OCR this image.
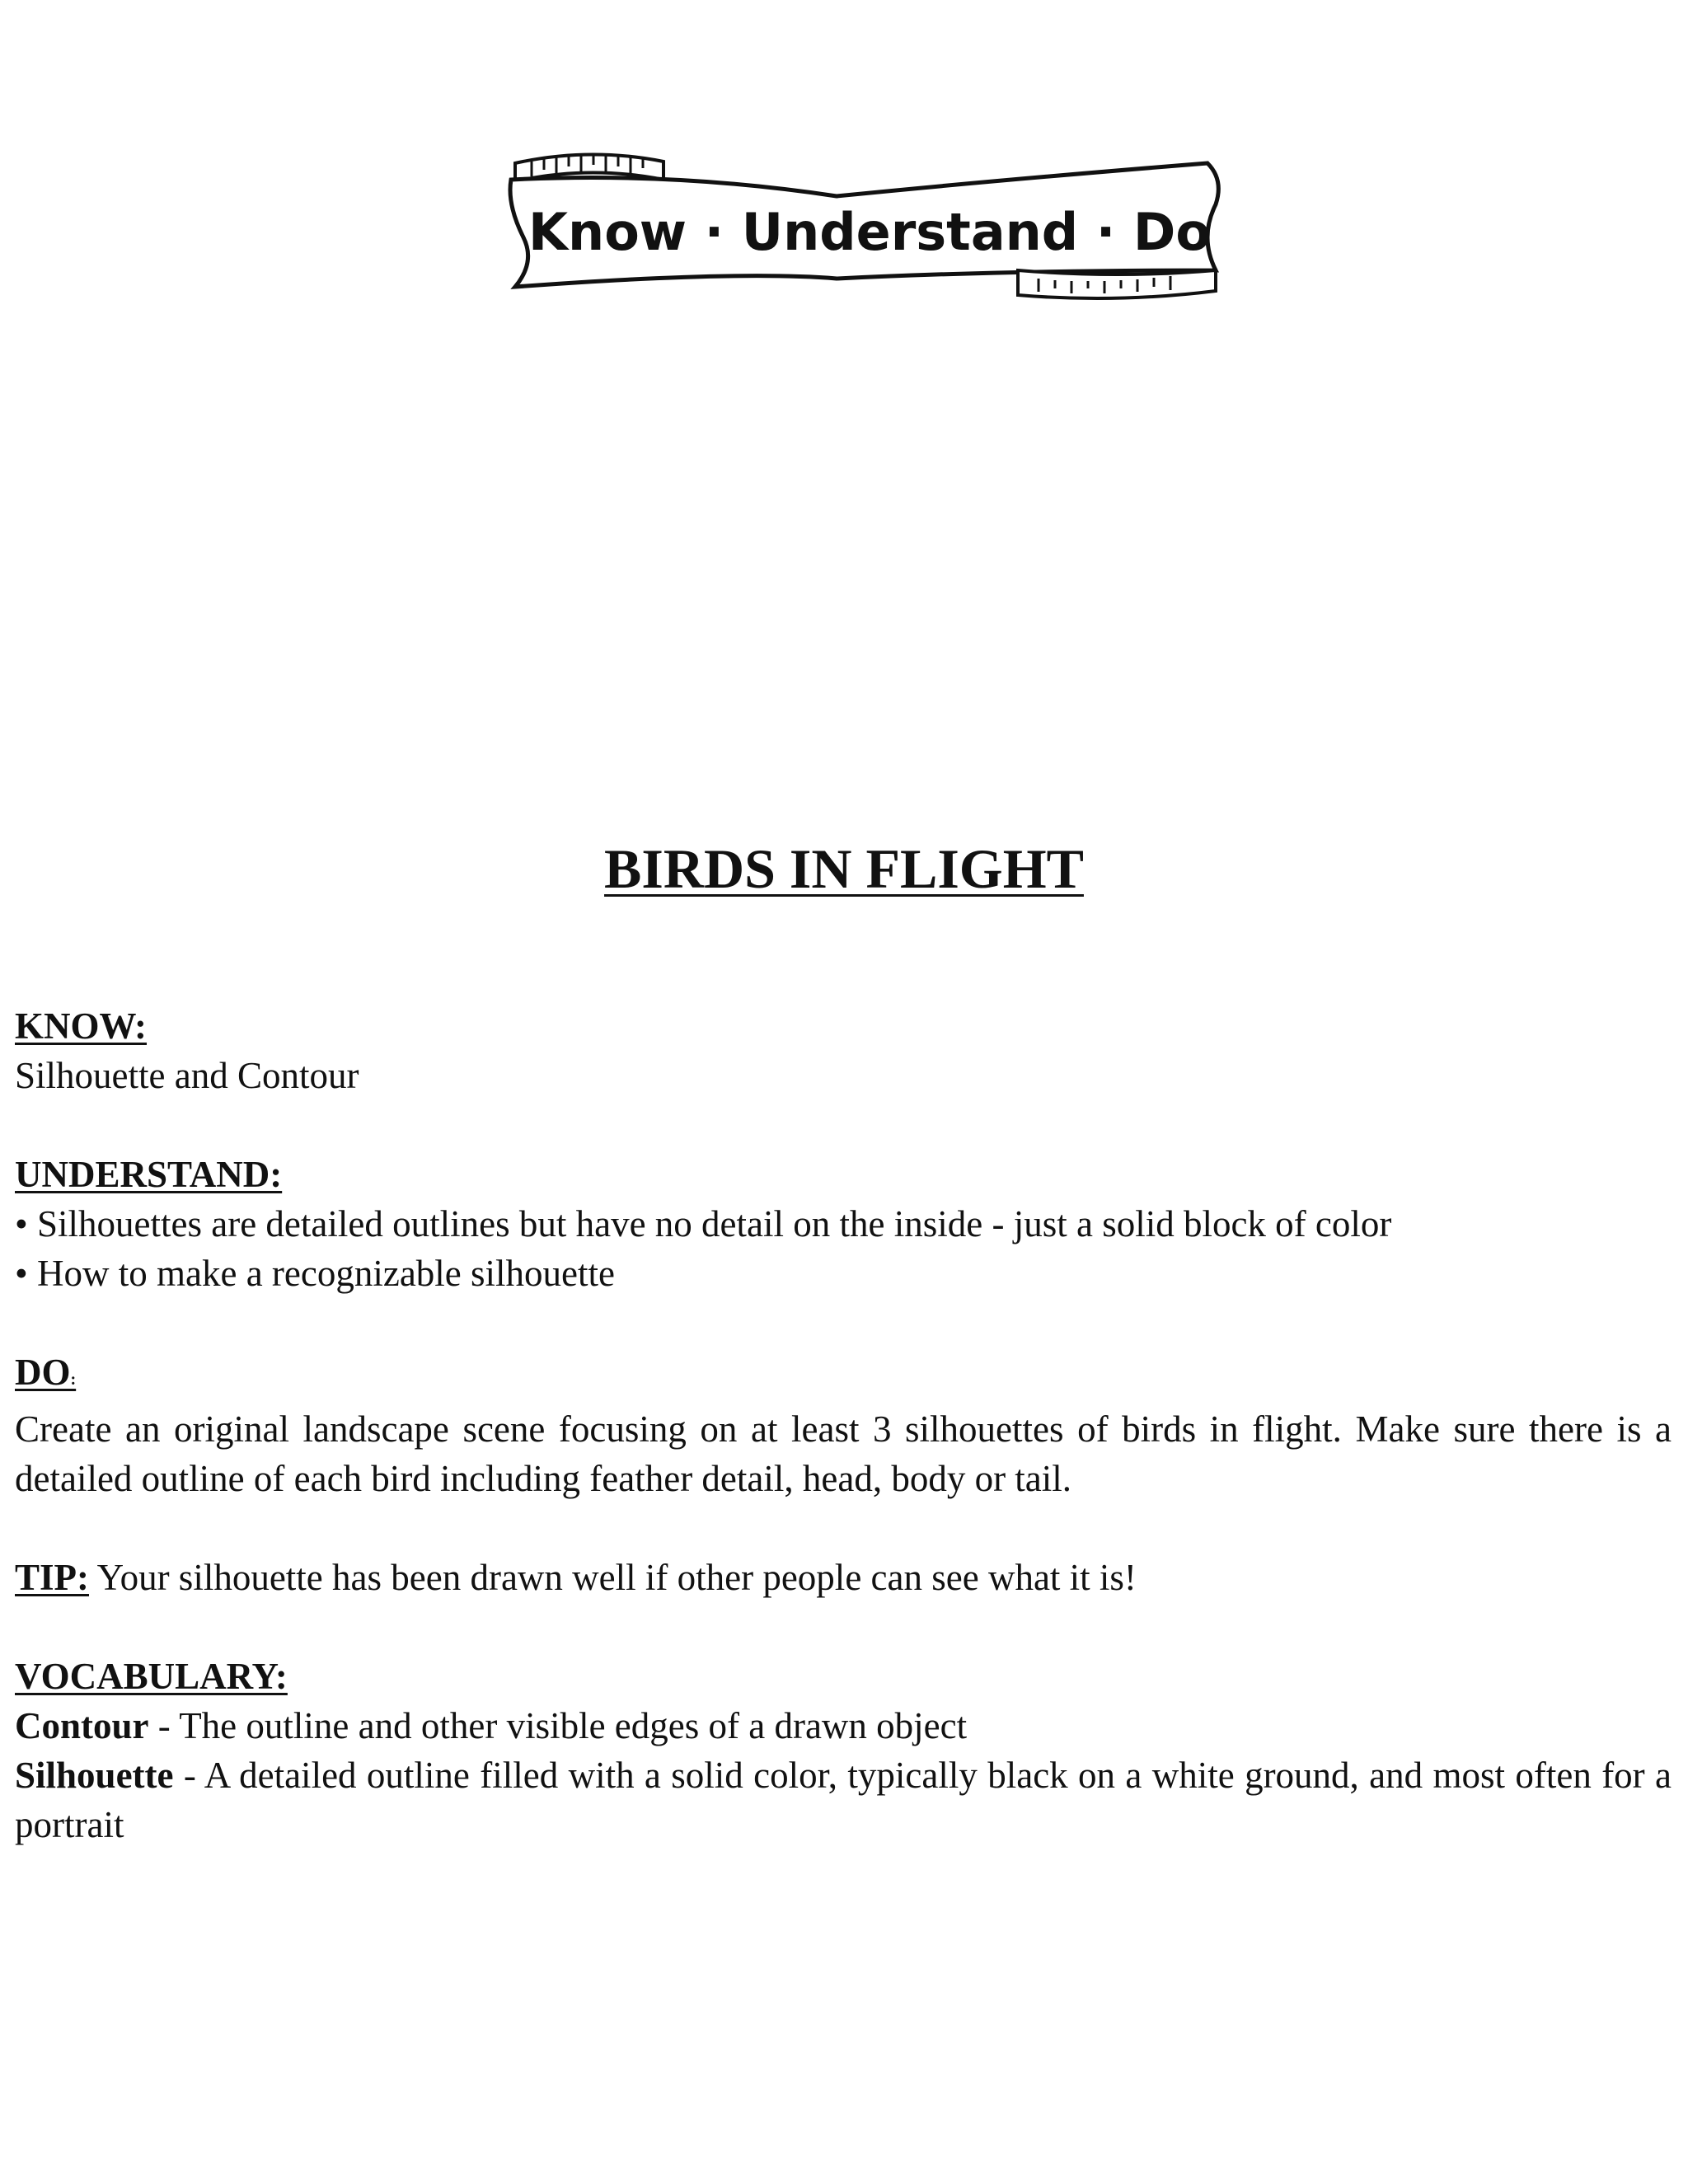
Know · Understand · Do
BIRDS IN FLIGHT
KNOW:
Silhouette and Contour
UNDERSTAND:
• Silhouettes are detailed outlines but have no detail on the inside - just a solid block of color
• How to make a recognizable silhouette
DO:
Create an original landscape scene focusing on at least 3 silhouettes of birds in flight. Make sure there is a detailed outline of each bird including feather detail, head, body or tail.
TIP: Your silhouette has been drawn well if other people can see what it is!
VOCABULARY:
Contour - The outline and other visible edges of a drawn object
Silhouette - A detailed outline filled with a solid color, typically black on a white ground, and most often for a portrait
